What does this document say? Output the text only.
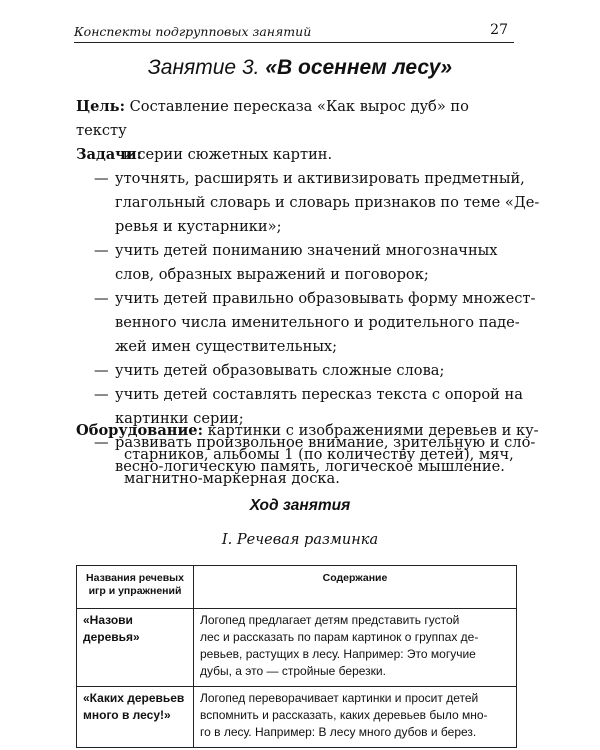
Конспекты подгрупповых занятий	27
Занятие 3. «В осеннем лесу»
Цель: Составление пересказа «Как вырос дуб» по тексту
и серии сюжетных картин.
Задачи:
— уточнять, расширять и активизировать предметный,
глагольный словарь и словарь признаков по теме «Де-
ревья и кустарники»;
— учить детей пониманию значений многозначных
слов, образных выражений и поговорок;
— учить детей правильно образовывать форму множест-
венного числа именительного и родительного паде-
жей имен существительных;
— учить детей образовывать сложные слова;
— учить детей составлять пересказ текста с опорой на
картинки серии;
— развивать произвольное внимание, зрительную и сло-
весно-логическую память, логическое мышление.
Оборудование: картинки с изображениями деревьев и ку-
старников, альбомы 1 (по количеству детей), мяч,
магнитно-маркерная доска.
Ход занятия
I. Речевая разминка
Названия речевых
игр и упражнений	Содержание

«Назови
деревья»	Логопед предлагает детям представить густой
лес и рассказать по парам картинок о группах де-
ревьев, растущих в лесу. Например: Это могучие
дубы, а это — стройные березки.

«Каких деревьев
много в лесу!»	Логопед переворачивает картинки и просит детей
вспомнить и рассказать, каких деревьев было мно-
го в лесу. Например: В лесу много дубов и берез.
